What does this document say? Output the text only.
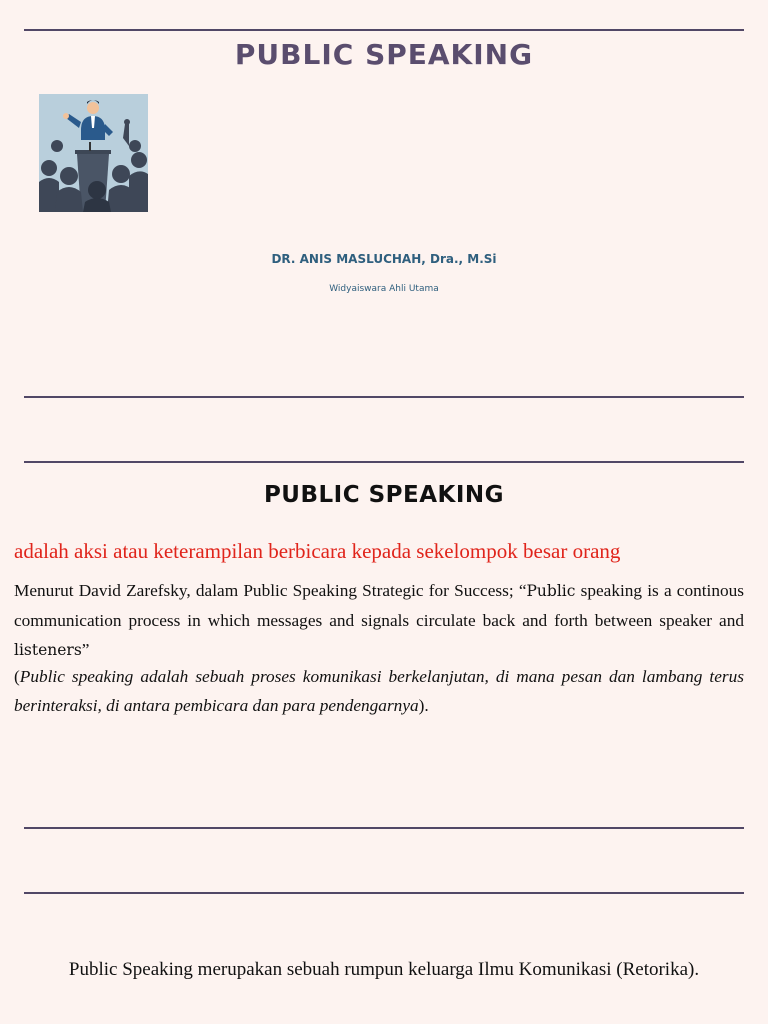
PUBLIC SPEAKING
DR. ANIS MASLUCHAH, Dra., M.Si
Widyaiswara Ahli Utama
PUBLIC SPEAKING
adalah aksi atau keterampilan berbicara kepada sekelompok besar orang
Menurut David Zarefsky, dalam Public Speaking Strategic for Success; “Public speaking is a continous communication process in which messages and signals circulate back and forth between speaker and listeners”
(Public speaking adalah sebuah proses komunikasi berkelanjutan, di mana pesan dan lambang terus berinteraksi, di antara pembicara dan para pendengarnya).
Public Speaking merupakan sebuah rumpun keluarga Ilmu Komunikasi (Retorika).
